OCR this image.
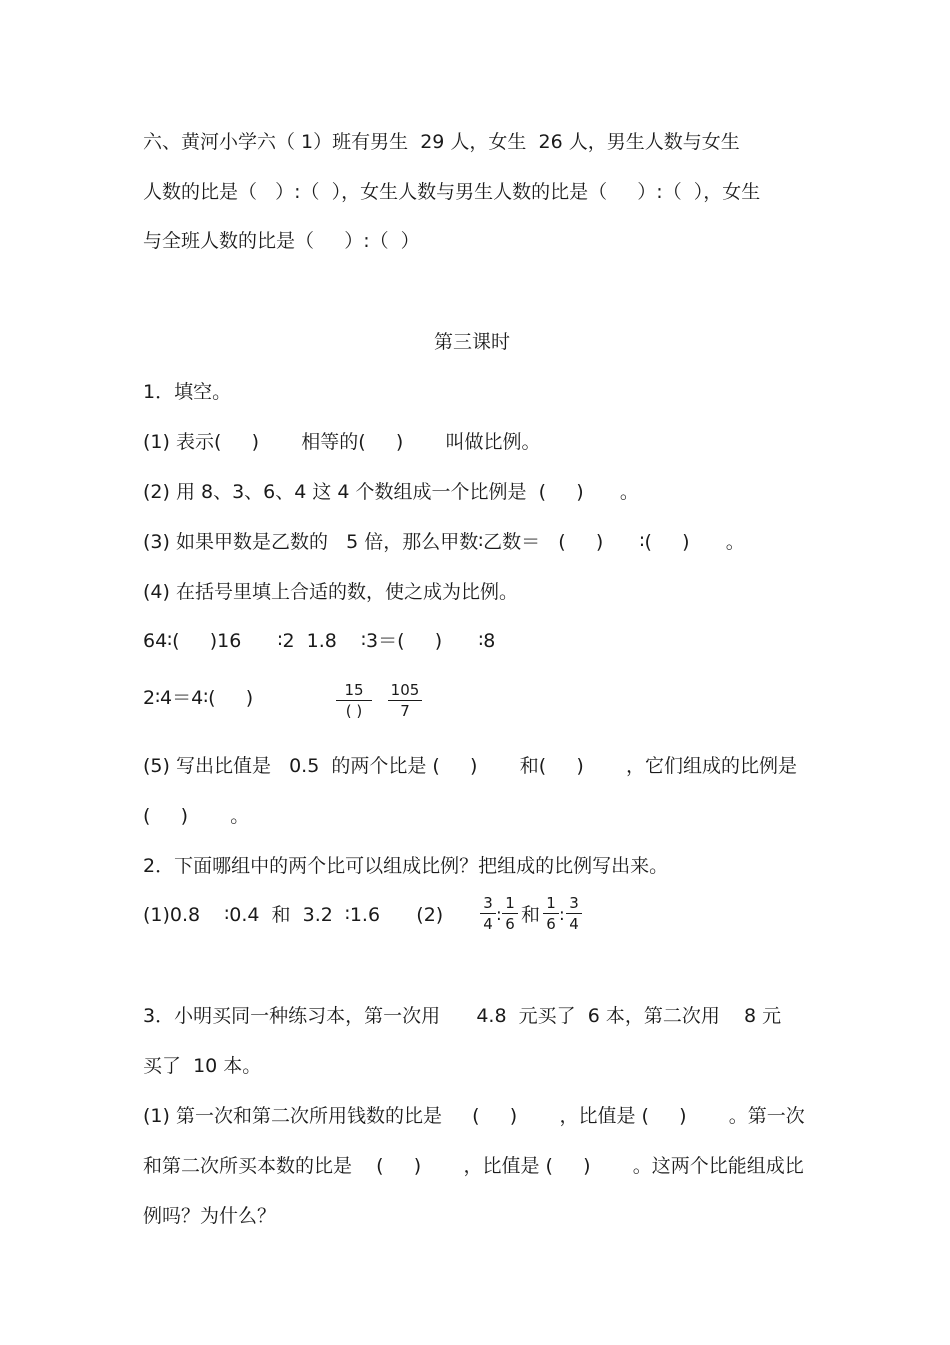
六、黄河小学六（ 1）班有男生  29 人，女生  26 人，男生人数与女生
人数的比是（   ）:（  ），女生人数与男生人数的比是（     ）:（  ），女生
与全班人数的比是（     ）:（  ）
第三课时
1．填空。
(1) 表示(     )       相等的(     )       叫做比例。
(2) 用 8、3、6、4 这 4 个数组成一个比例是  (     )      。
(3) 如果甲数是乙数的   5 倍，那么甲数∶乙数＝   (     )      ∶(     )      。
(4) 在括号里填上合适的数，使之成为比例。
64∶(     )16      ∶2  1.8    ∶3＝(     )      ∶8
2∶4＝4∶(     )	15
( )
105
7
(5) 写出比值是   0.5  的两个比是 (     )       和(     )       ，它们组成的比例是
(     )       。
2．下面哪组中的两个比可以组成比例？把组成的比例写出来。
(1)0.8    ∶0.4  和  3.2  ∶1.6      (2)
3
4 :
1
6 和
1
6 :
3
4
3．小明买同一种练习本，第一次用      4.8  元买了  6 本，第二次用    8 元
买了  10 本。
(1) 第一次和第二次所用钱数的比是     (     )       ，比值是 (     )       。第一次
和第二次所买本数的比是    (     )       ，比值是 (     )       。这两个比能组成比
例吗？为什么？
